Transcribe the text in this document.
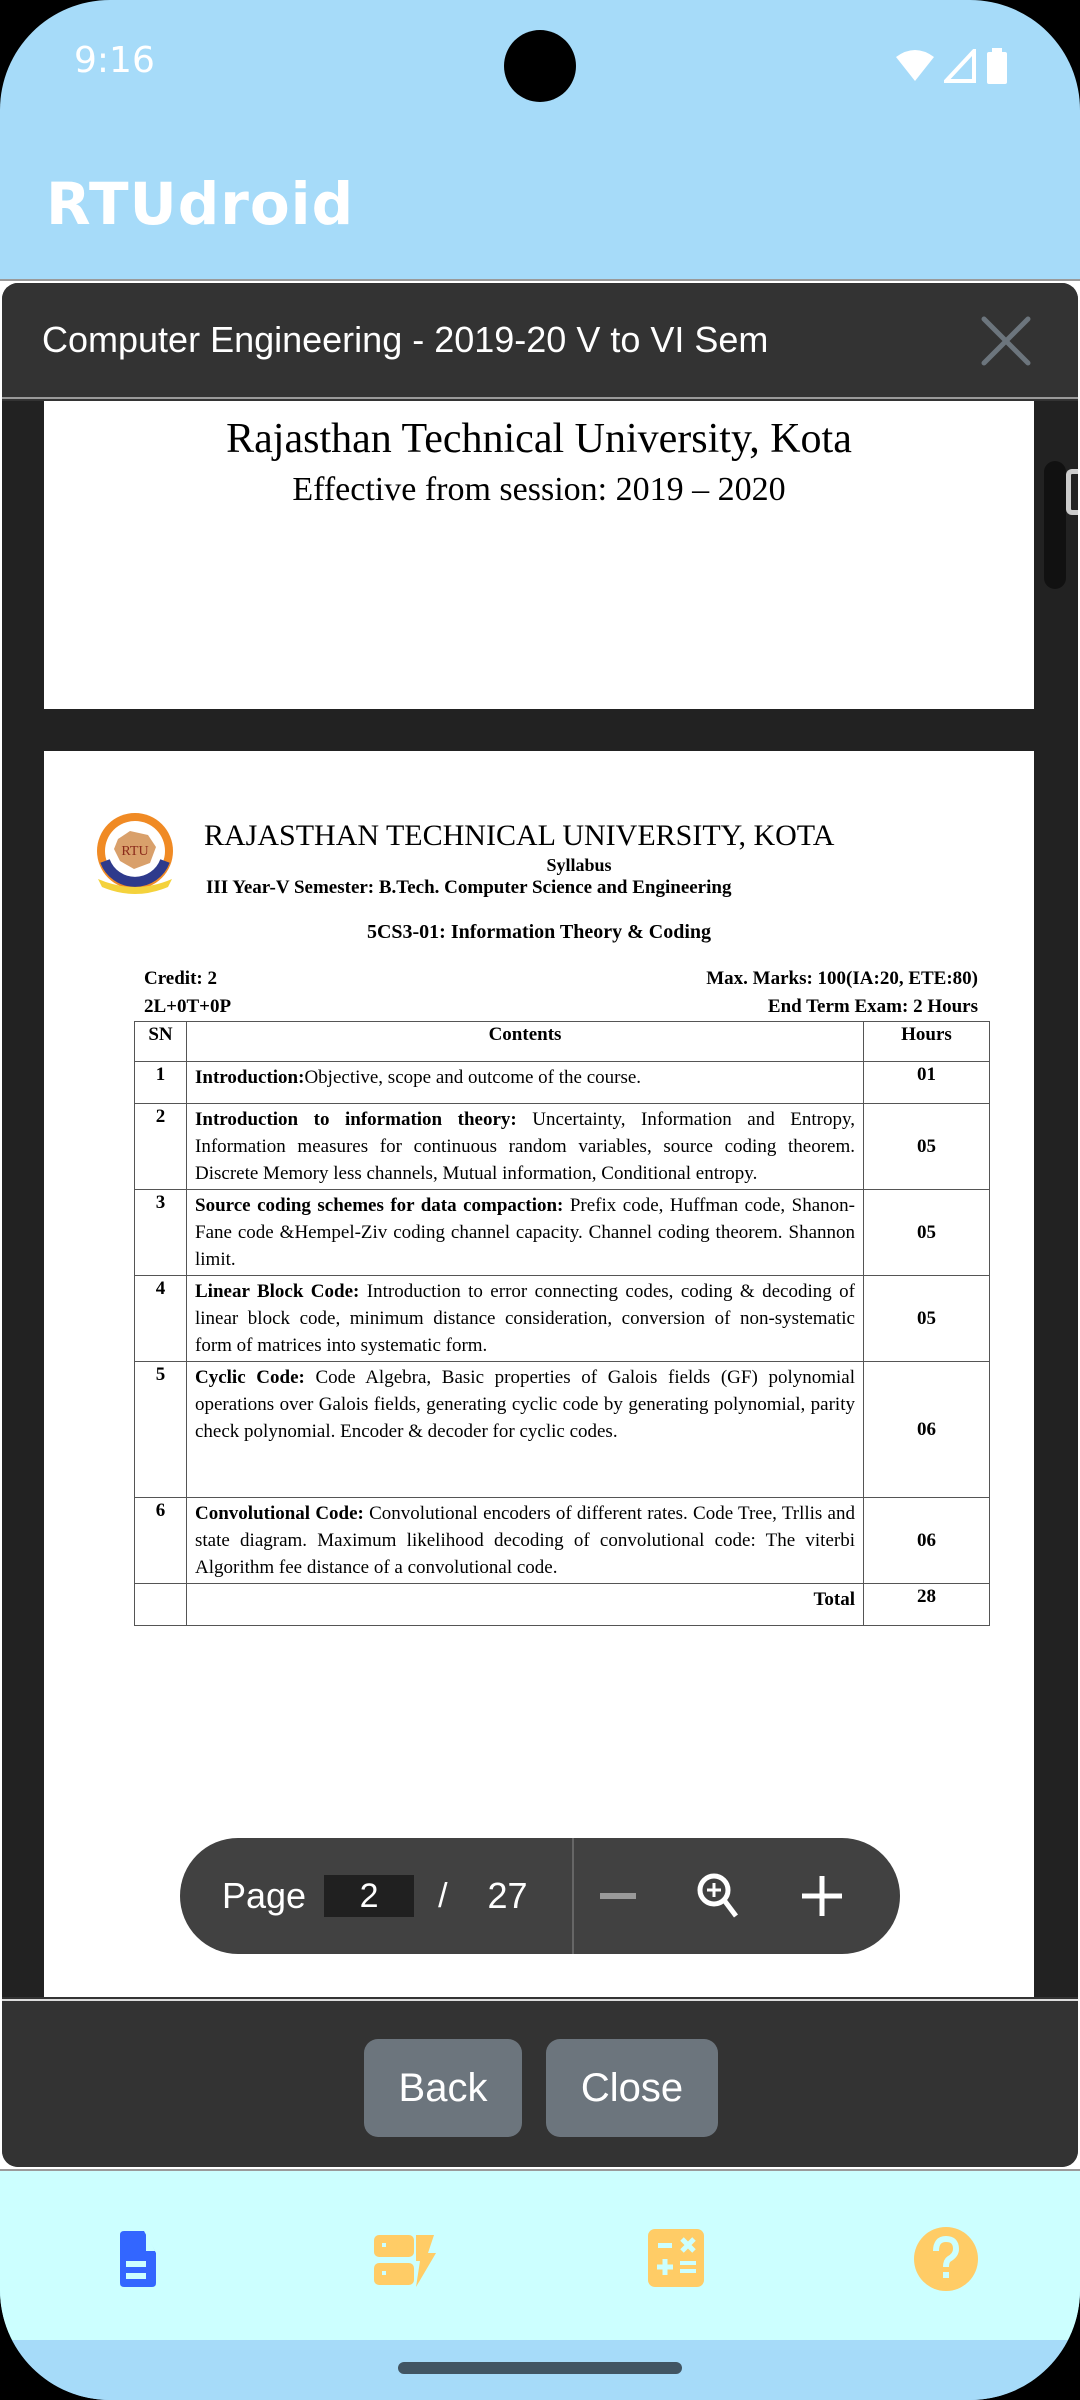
9:16
RTUdroid
Computer Engineering - 2019-20 V to VI Sem
Rajasthan Technical University, Kota
Effective from session: 2019 – 2020
RTU RAJASTHAN TECHNICAL UNIVERSITY, KOTA
Syllabus
III Year-V Semester: B.Tech. Computer Science and Engineering
5CS3-01: Information Theory & Coding
Credit: 2
2L+0T+0P
Max. Marks: 100(IA:20, ETE:80)
End Term Exam: 2 Hours
SN	Contents	Hours
1	Introduction:Objective, scope and outcome of the course.	01
2	Introduction to information theory: Uncertainty, Information and Entropy, Information measures for continuous random variables, source coding theorem. Discrete Memory less channels, Mutual information, Conditional entropy.	05
3	Source coding schemes for data compaction: Prefix code, Huffman code, Shanon-Fane code &Hempel-Ziv coding channel capacity. Channel coding theorem. Shannon limit.	05
4	Linear Block Code: Introduction to error connecting codes, coding & decoding of linear block code, minimum distance consideration, conversion of non-systematic form of matrices into systematic form.	05
5	Cyclic Code: Code Algebra, Basic properties of Galois fields (GF) polynomial operations over Galois fields, generating cyclic code by generating polynomial, parity check polynomial. Encoder & decoder for cyclic codes.	06
6	Convolutional Code: Convolutional encoders of different rates. Code Tree, Trllis and state diagram. Maximum likelihood decoding of convolutional code: The viterbi Algorithm fee distance of a convolutional code.	06
	Total	28
Back	Close
Page
2	/ 27
